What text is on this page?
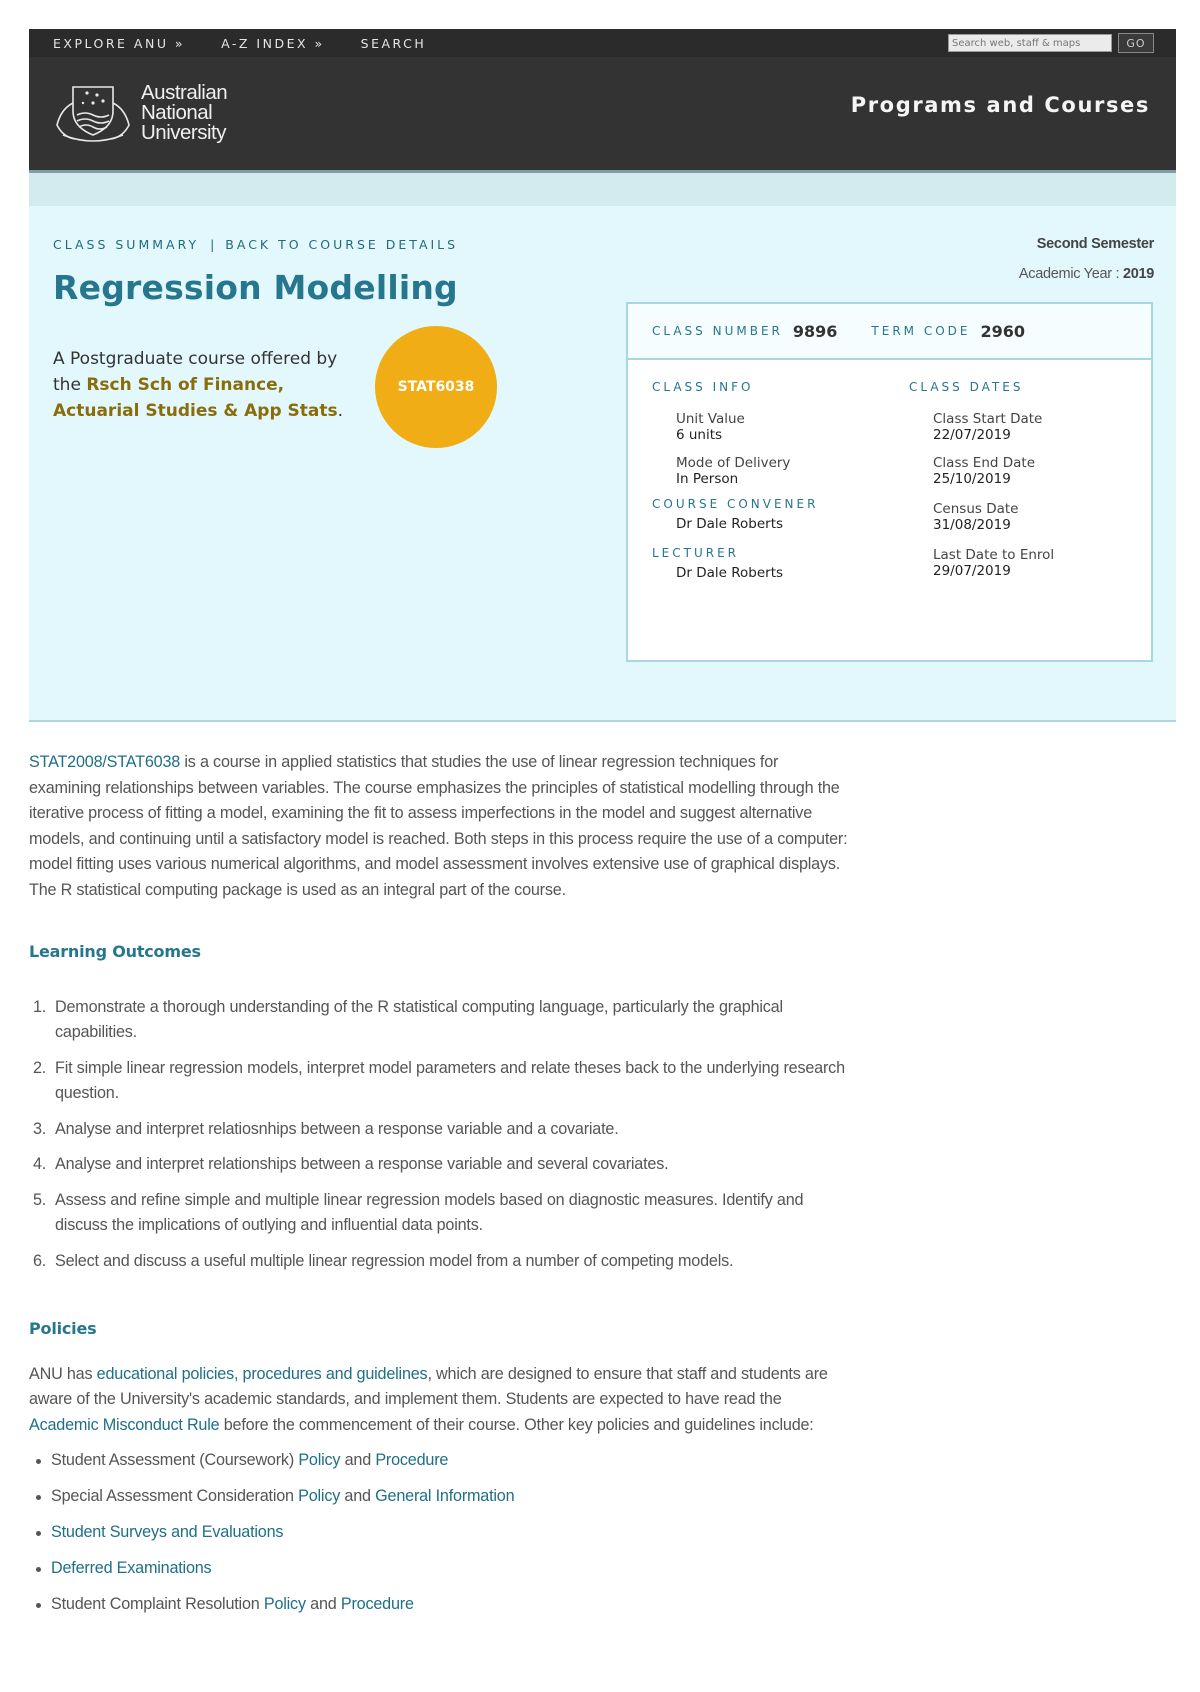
EXPLORE ANU »	A-Z INDEX »	SEARCH
Search web, staff & maps	GO
Australian
National
University
Programs and Courses
CLASS SUMMARY | BACK TO COURSE DETAILS
Regression Modelling
A Postgraduate course offered by the Rsch Sch of Finance, Actuarial Studies & App Stats.
STAT6038
Second Semester
Academic Year : 2019
CLASS NUMBER 9896	TERM CODE 2960
CLASS INFO
Unit Value
6 units
Mode of Delivery
In Person
COURSE CONVENER
Dr Dale Roberts
LECTURER
Dr Dale Roberts
CLASS DATES
Class Start Date
22/07/2019
Class End Date
25/10/2019
Census Date
31/08/2019
Last Date to Enrol
29/07/2019

STAT2008/STAT6038 is a course in applied statistics that studies the use of linear regression techniques for examining relationships between variables. The course emphasizes the principles of statistical modelling through the iterative process of fitting a model, examining the fit to assess imperfections in the model and suggest alternative models, and continuing until a satisfactory model is reached. Both steps in this process require the use of a computer: model fitting uses various numerical algorithms, and model assessment involves extensive use of graphical displays. The R statistical computing package is used as an integral part of the course.

Learning Outcomes
1. Demonstrate a thorough understanding of the R statistical computing language, particularly the graphical capabilities.
2. Fit simple linear regression models, interpret model parameters and relate theses back to the underlying research question.
3. Analyse and interpret relatiosnhips between a response variable and a covariate.
4. Analyse and interpret relationships between a response variable and several covariates.
5. Assess and refine simple and multiple linear regression models based on diagnostic measures. Identify and discuss the implications of outlying and influential data points.
6. Select and discuss a useful multiple linear regression model from a number of competing models.
Policies

ANU has educational policies, procedures and guidelines, which are designed to ensure that staff and students are aware of the University's academic standards, and implement them. Students are expected to have read the Academic Misconduct Rule before the commencement of their course. Other key policies and guidelines include:

Student Assessment (Coursework) Policy and Procedure
Special Assessment Consideration Policy and General Information
Student Surveys and Evaluations
Deferred Examinations
Student Complaint Resolution Policy and Procedure
